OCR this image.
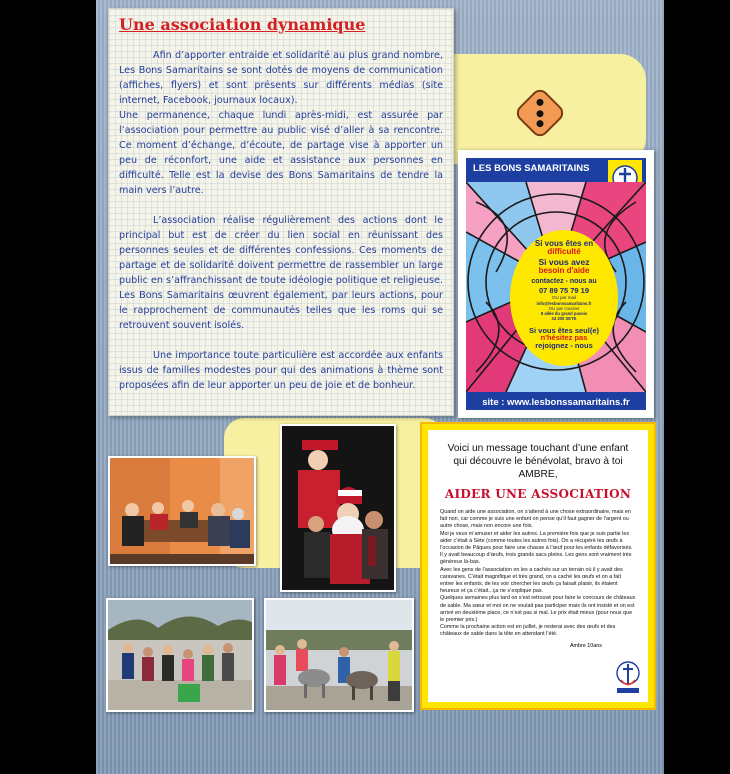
Une association dynamique

Afin d’apporter entraide et solidarité au plus grand nombre, Les Bons Samaritains se sont dotés de moyens de communication (affiches, flyers) et sont présents sur différents médias (site internet, Facebook, journaux locaux).

Une permanence, chaque lundi après-midi, est assurée par l’association pour permettre au public visé d’aller à sa rencontre. Ce moment d’échange, d’écoute, de partage vise à apporter un peu de réconfort, une aide et assistance aux personnes en difficulté. Telle est la devise des Bons Samaritains de tendre la main vers l’autre.

L’association réalise régulièrement des actions dont le principal but est de créer du lien social en réunissant des personnes seules et de différentes confessions. Ces moments de partage et de solidarité doivent permettre de rassembler un large public en s’affranchissant de toute idéologie politique et religieuse. Les Bons Samaritains œuvrent également, par leurs actions, pour le rapprochement de communautés telles que les roms qui se retrouvent souvent isolés.

Une importance toute particulière est accordée aux enfants issus de familles modestes pour qui des animations à thème sont proposées afin de leur apporter un peu de joie et de bonheur.

LES BONS SAMARITAINS
Si vous êtes en
difficulté
Si vous avez
besoin d'aide
contactez - nous au
07 89 75 79 19
OU par mail
info@lesbonssamaritains.fr
OU par courrier
8 allée du grand pavois
34 200 SETE
Si vous êtes seul(e)
n'hésitez pas
rejoignez - nous
site : www.lesbonssamaritains.fr

Voici un message touchant d’une enfant qui découvre le bénévolat, bravo à toi AMBRE,

AIDER UNE ASSOCIATION

Quand on aide une association, on s’attend à une chose extraordinaire, mais en fait non, car comme je suis une enfant on pense qu’il faut gagner de l’argent ou autre chose, mais non encore une fois.

Moi je veux m’amuser et aider les autres. La première fois que je suis partie les aider c’était à Sète (comme toutes les autres fois). On a récupéré les œufs à l’occasion de Pâques pour faire une chasse à l’œuf pour les enfants défavorisés. Il y avait beaucoup d’œufs, trois grands sacs pleins. Les gens sont vraiment très généreux là-bas.

Avec les gens de l’association on les a cachés sur un terrain où il y avait des caravanes. C’était magnifique et très grand, on a caché les œufs et on a fait entrer les enfants, de les voir chercher les œufs ça faisait plaisir, ils étaient heureux et ça c’était...ça ne s’explique pas.

Quelques semaines plus tard on s’est retrouvé pour faire le concours de châteaux de sable. Ma sœur et moi on ne voulait pas participer mais ils ont insisté et on est arrivé en deuxième place, ce n’est pas si mal. Le prix était mieux (pour nous que le premier prix.)

Comme la prochaine action est en juillet, je resterai avec des œufs et des châteaux de sable dans la tête en attendant l’été.

Ambre 10ans
